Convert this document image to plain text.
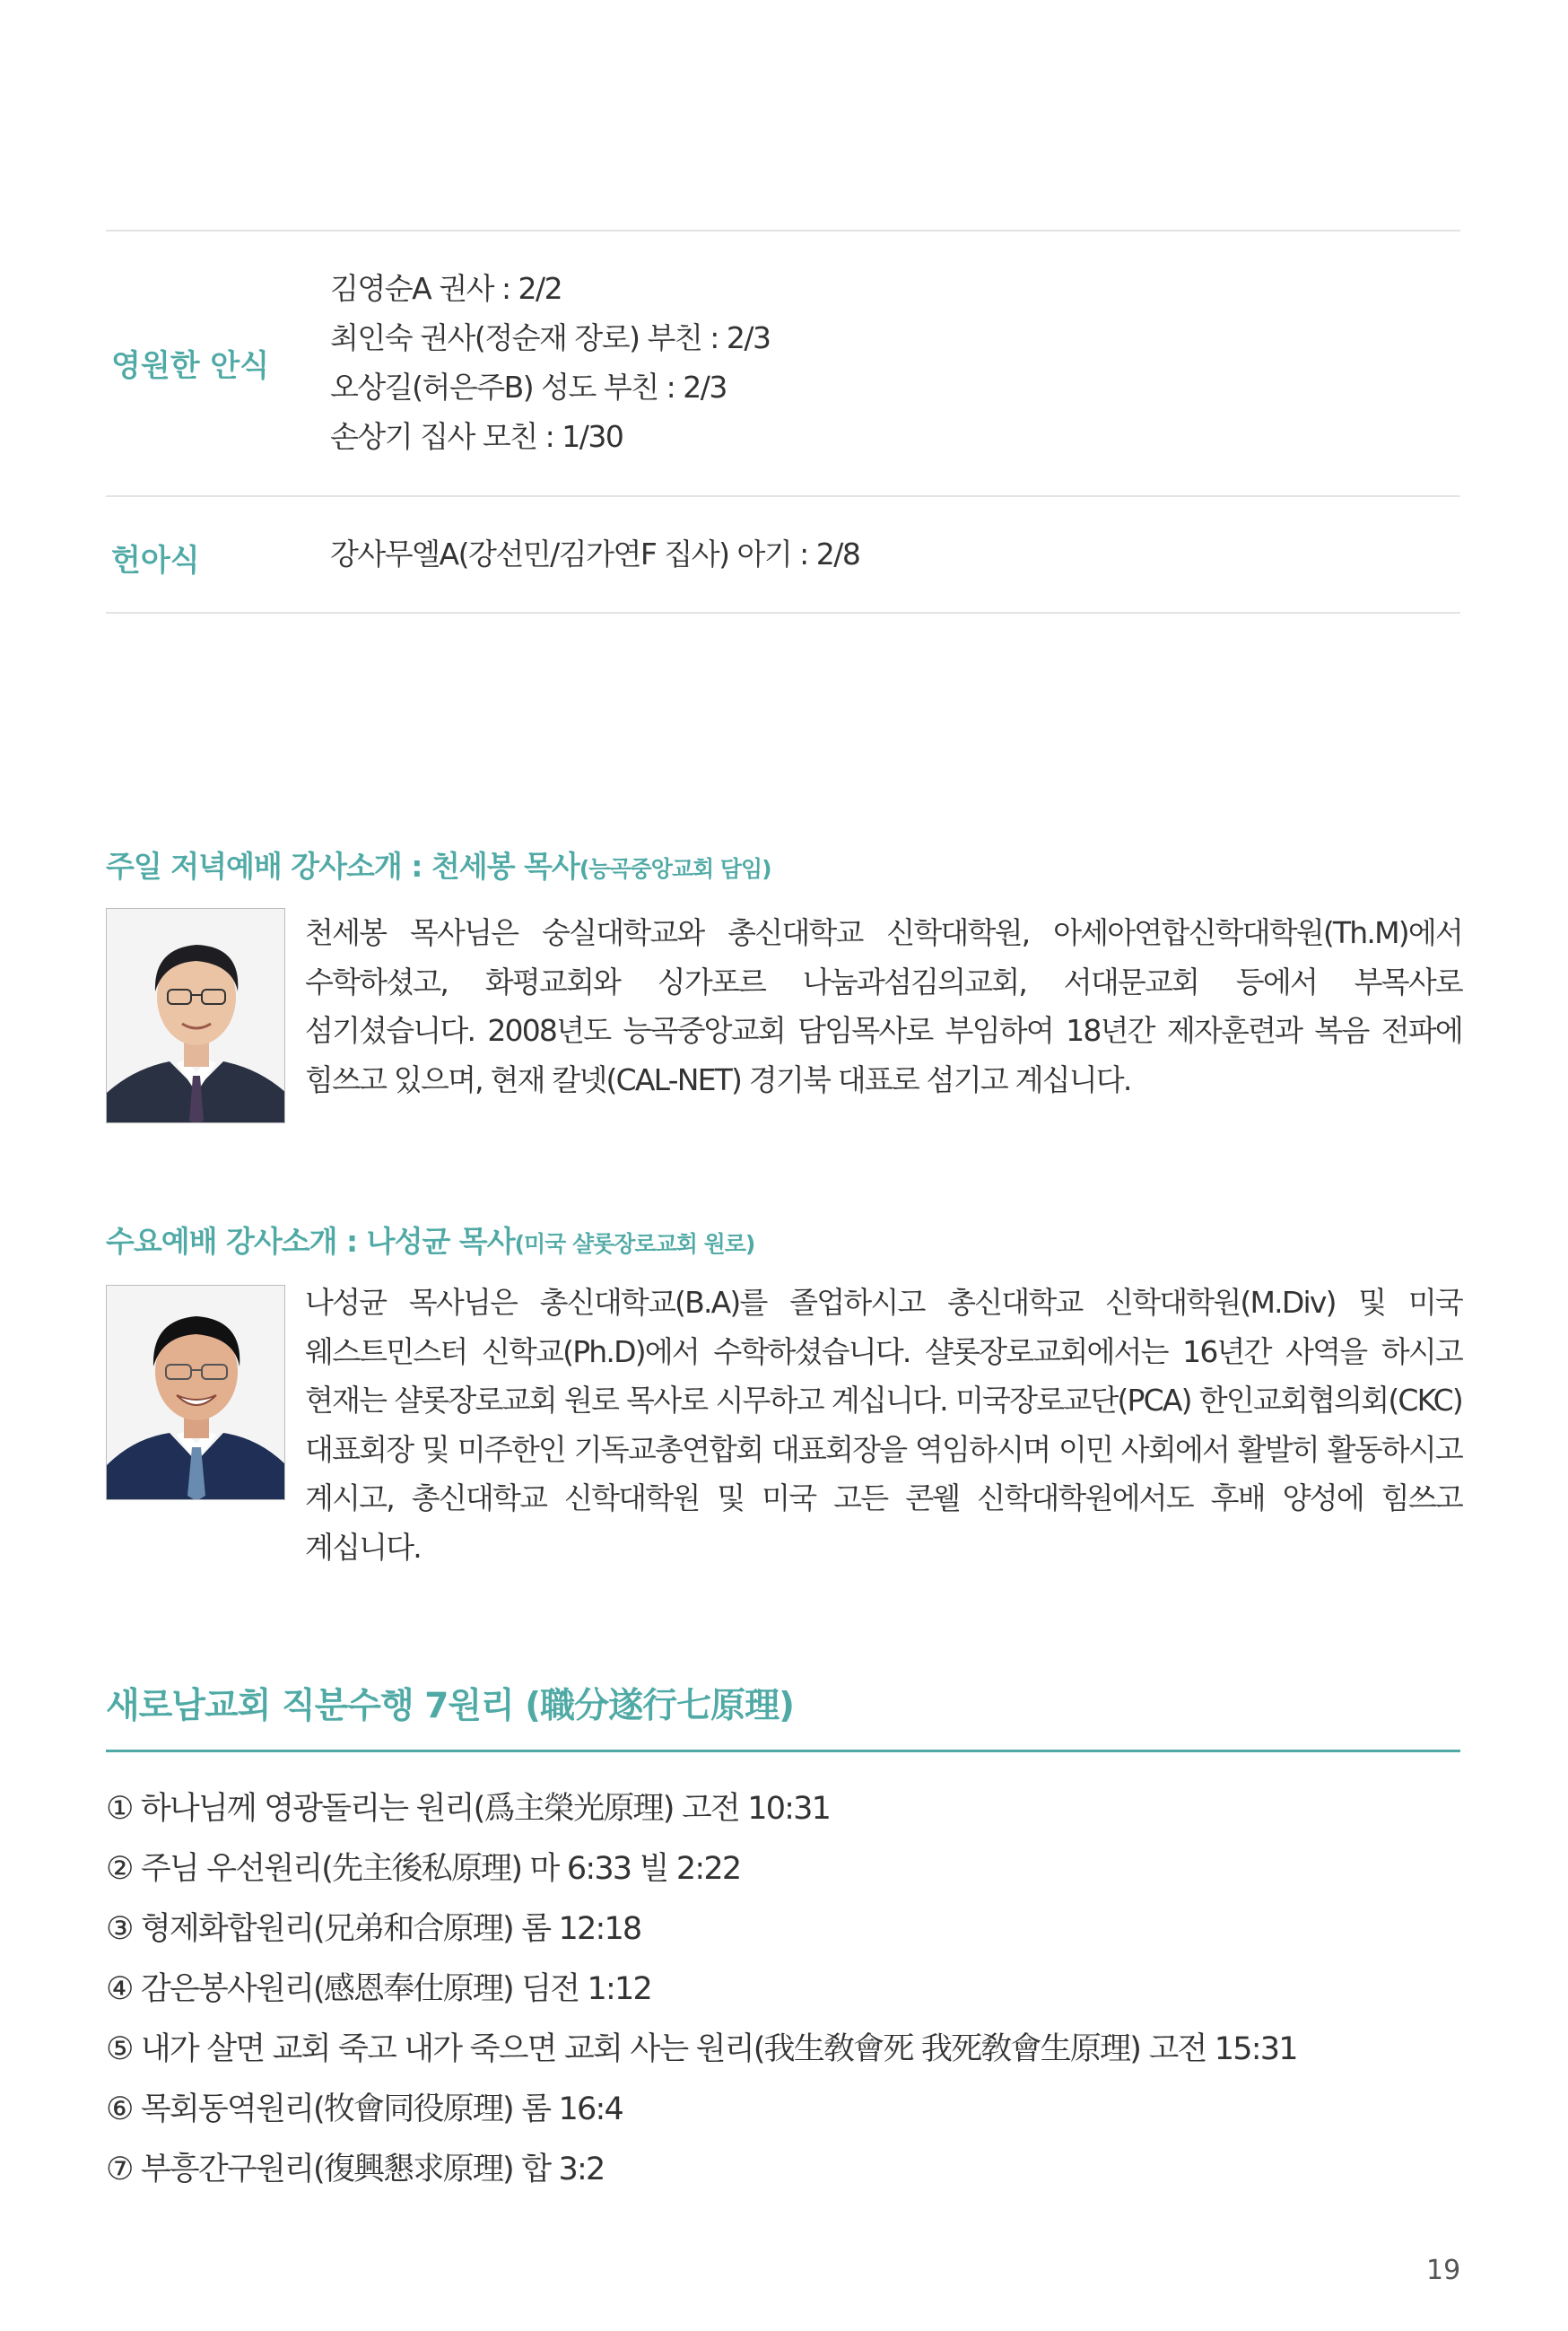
영원한 안식
김영순A 권사 : 2/2
최인숙 권사(정순재 장로) 부친 : 2/3
오상길(허은주B) 성도 부친 : 2/3
손상기 집사 모친 : 1/30
헌아식	강사무엘A(강선민/김가연F 집사) 아기 : 2/8
주일 저녁예배 강사소개 : 천세봉 목사(능곡중앙교회 담임)
천세봉 목사님은 숭실대학교와 총신대학교 신학대학원, 아세아연합신학대학원(Th.M)에서 수학하셨고, 화평교회와 싱가포르 나눔과섬김의교회, 서대문교회 등에서 부목사로 섬기셨습니다. 2008년도 능곡중앙교회 담임목사로 부임하여 18년간 제자훈련과 복음 전파에 힘쓰고 있으며, 현재 칼넷(CAL-NET) 경기북 대표로 섬기고 계십니다.
수요예배 강사소개 : 나성균 목사(미국 샬롯장로교회 원로)
나성균 목사님은 총신대학교(B.A)를 졸업하시고 총신대학교 신학대학원(M.Div) 및 미국 웨스트민스터 신학교(Ph.D)에서 수학하셨습니다. 샬롯장로교회에서는 16년간 사역을 하시고 현재는 샬롯장로교회 원로 목사로 시무하고 계십니다. 미국장로교단(PCA) 한인교회협의회(CKC) 대표회장 및 미주한인 기독교총연합회 대표회장을 역임하시며 이민 사회에서 활발히 활동하시고 계시고, 총신대학교 신학대학원 및 미국 고든 콘웰 신학대학원에서도 후배 양성에 힘쓰고 계십니다.
새로남교회 직분수행 7원리 (職分遂行七原理)
① 하나님께 영광돌리는 원리(爲主榮光原理) 고전 10:31
② 주님 우선원리(先主後私原理) 마 6:33 빌 2:22
③ 형제화합원리(兄弟和合原理) 롬 12:18
④ 감은봉사원리(感恩奉仕原理) 딤전 1:12
⑤ 내가 살면 교회 죽고 내가 죽으면 교회 사는 원리(我生敎會死 我死敎會生原理) 고전 15:31
⑥ 목회동역원리(牧會同役原理) 롬 16:4
⑦ 부흥간구원리(復興懇求原理) 합 3:2
19
